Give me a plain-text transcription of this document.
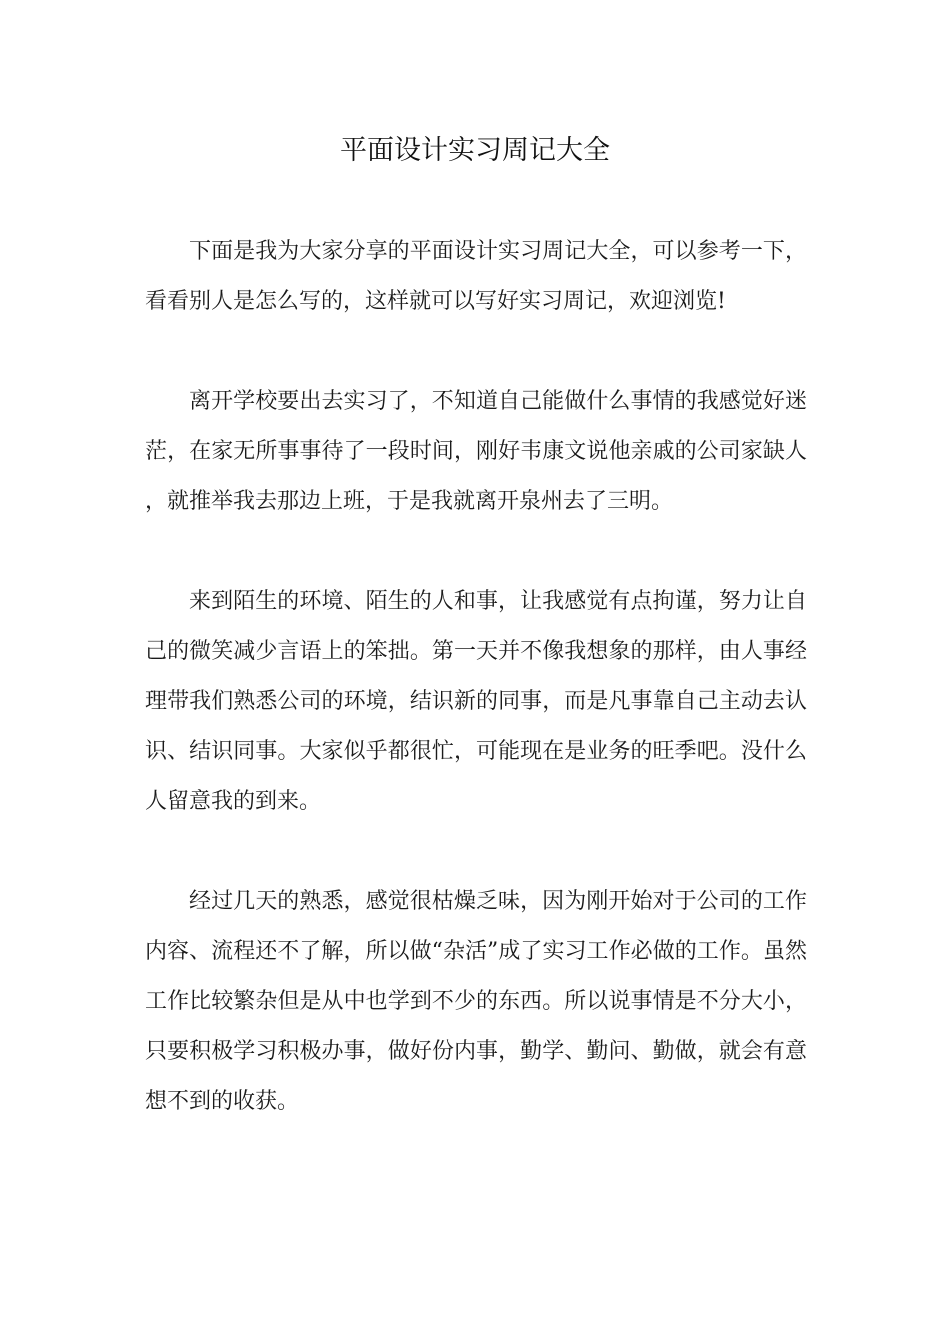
平面设计实习周记大全

下面是我为大家分享的平面设计实习周记大全，可以参考一下，看看别人是怎么写的，这样就可以写好实习周记，欢迎浏览!

离开学校要出去实习了，不知道自己能做什么事情的我感觉好迷茫，在家无所事事待了一段时间，刚好韦康文说他亲戚的公司家缺人，就推举我去那边上班，于是我就离开泉州去了三明。

来到陌生的环境、陌生的人和事，让我感觉有点拘谨，努力让自己的微笑减少言语上的笨拙。第一天并不像我想象的那样，由人事经理带我们熟悉公司的环境，结识新的同事，而是凡事靠自己主动去认识、结识同事。大家似乎都很忙，可能现在是业务的旺季吧。没什么人留意我的到来。

经过几天的熟悉，感觉很枯燥乏味，因为刚开始对于公司的工作内容、流程还不了解，所以做“杂活”成了实习工作必做的工作。虽然工作比较繁杂但是从中也学到不少的东西。所以说事情是不分大小，只要积极学习积极办事，做好份内事，勤学、勤问、勤做，就会有意想不到的收获。
